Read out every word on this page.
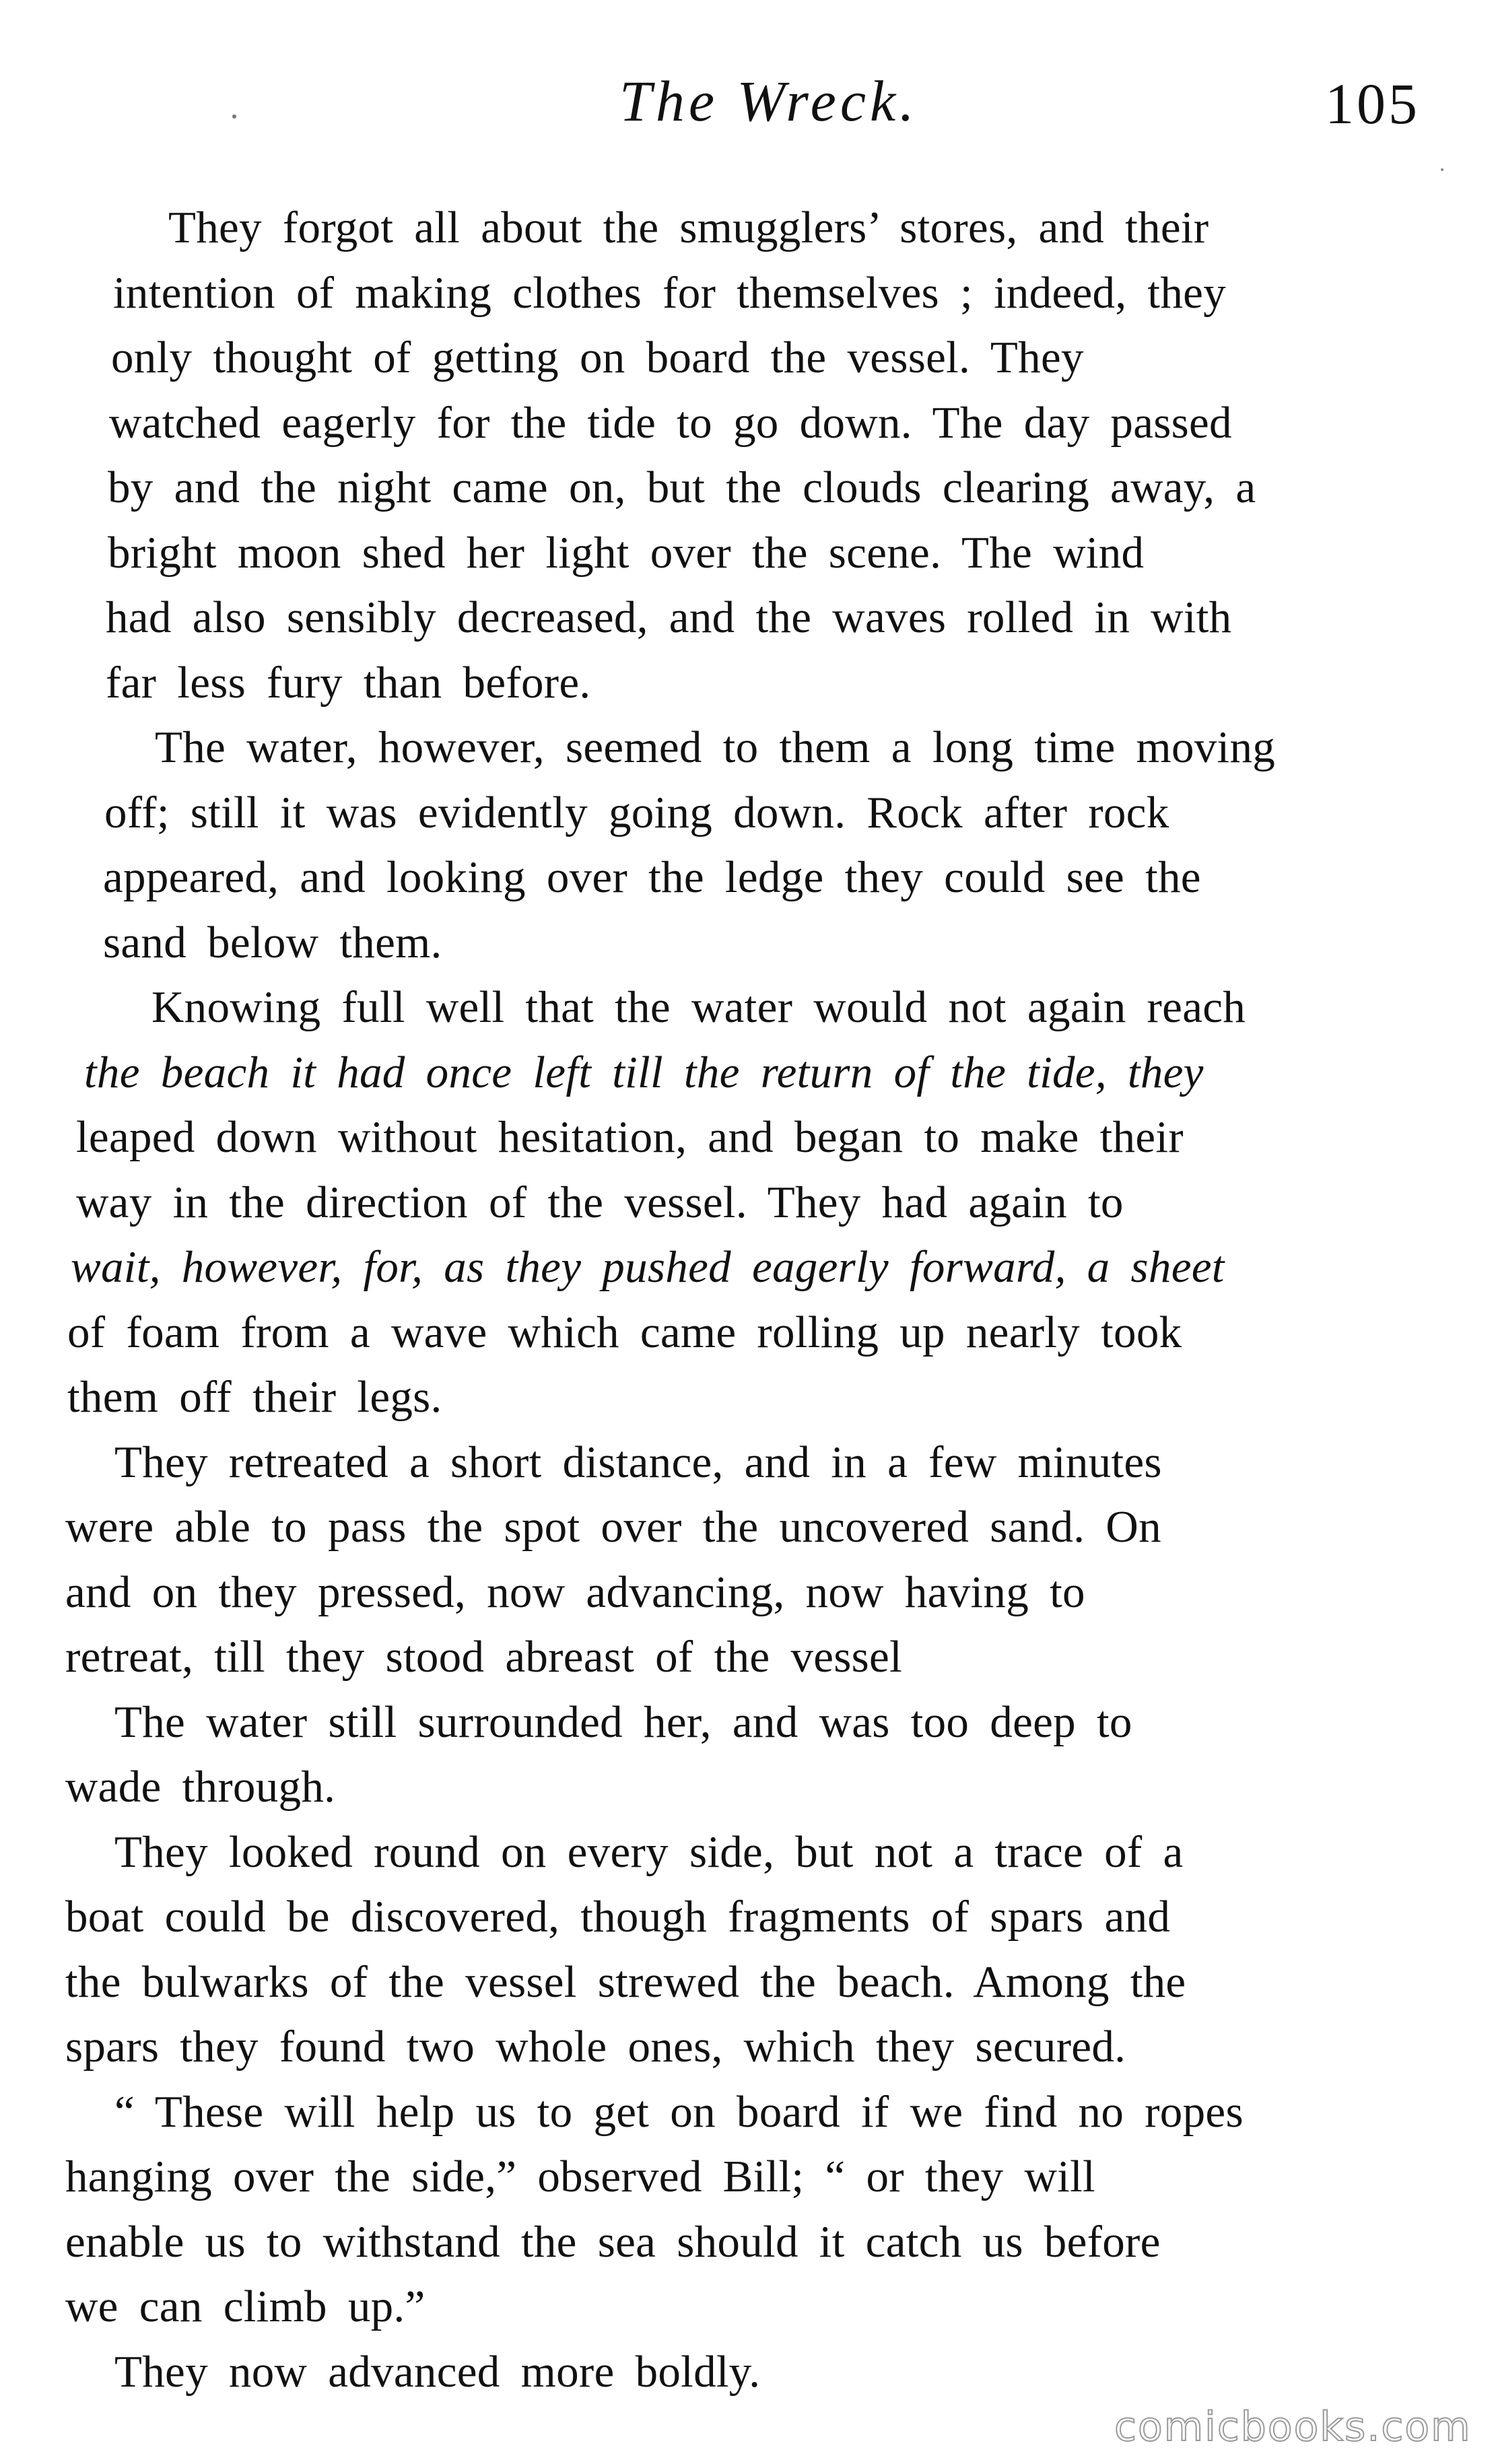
The Wreck.	105
They forgot all about the smugglers’ stores, and their
intention of making clothes for themselves ; indeed, they
only thought of getting on board the vessel. They
watched eagerly for the tide to go down. The day passed
by and the night came on, but the clouds clearing away, a
bright moon shed her light over the scene. The wind
had also sensibly decreased, and the waves rolled in with
far less fury than before.
The water, however, seemed to them a long time moving
off; still it was evidently going down. Rock after rock
appeared, and looking over the ledge they could see the
sand below them.
Knowing full well that the water would not again reach
the beach it had once left till the return of the tide, they
leaped down without hesitation, and began to make their
way in the direction of the vessel. They had again to
wait, however, for, as they pushed eagerly forward, a sheet
of foam from a wave which came rolling up nearly took
them off their legs.
They retreated a short distance, and in a few minutes
were able to pass the spot over the uncovered sand. On
and on they pressed, now advancing, now having to
retreat, till they stood abreast of the vessel
The water still surrounded her, and was too deep to
wade through.
They looked round on every side, but not a trace of a
boat could be discovered, though fragments of spars and
the bulwarks of the vessel strewed the beach. Among the
spars they found two whole ones, which they secured.
“ These will help us to get on board if we find no ropes
hanging over the side,” observed Bill; “ or they will
enable us to withstand the sea should it catch us before
we can climb up.”
They now advanced more boldly.
comicbooks.com
